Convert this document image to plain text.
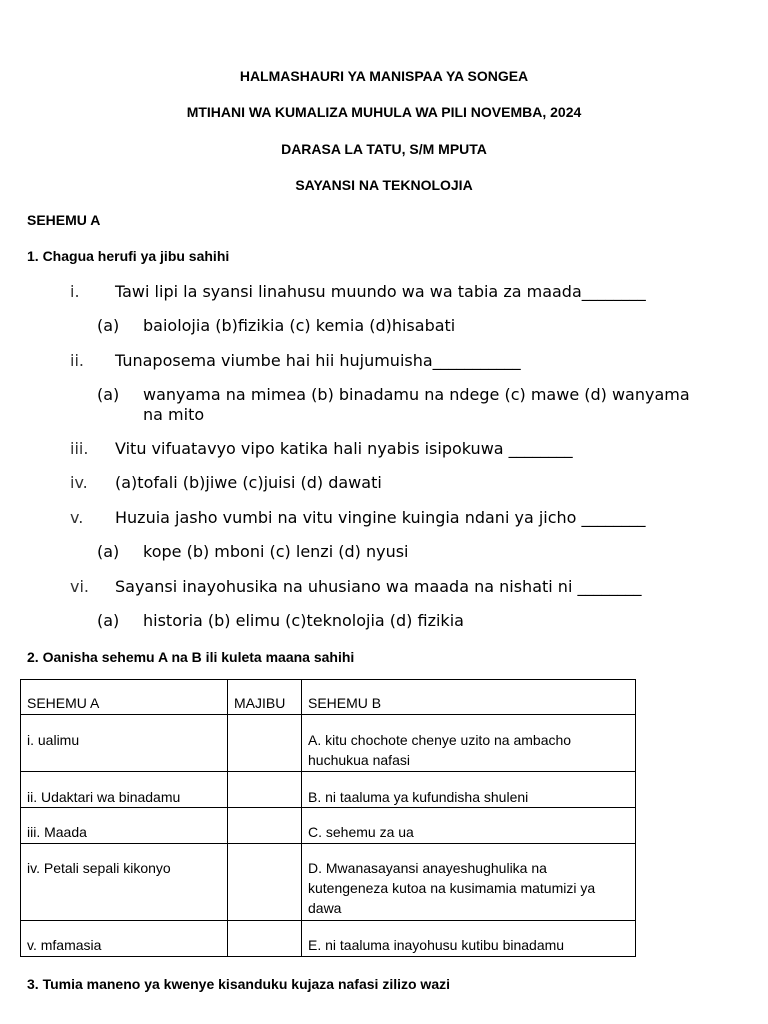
HALMASHAURI YA MANISPAA YA SONGEA
MTIHANI WA KUMALIZA MUHULA WA PILI NOVEMBA, 2024
DARASA LA TATU, S/M MPUTA
SAYANSI NA TEKNOLOJIA
SEHEMU A
1. Chagua herufi ya jibu sahihi
i. Tawi lipi la syansi linahusu muundo wa wa tabia za maada________
(a) baiolojia (b)fizikia (c) kemia (d)hisabati
ii. Tunaposema viumbe hai hii hujumuisha___________
(a) wanyama na mimea (b) binadamu na ndege (c) mawe (d) wanyama na mito
iii. Vitu vifuatavyo vipo katika hali nyabis isipokuwa ________
iv. (a)tofali (b)jiwe (c)juisi (d) dawati
v. Huzuia jasho vumbi na vitu vingine kuingia ndani ya jicho ________
(a) kope (b) mboni (c) lenzi (d) nyusi
vi. Sayansi inayohusika na uhusiano wa maada na nishati ni ________
(a) historia (b) elimu (c)teknolojia (d) fizikia
2. Oanisha sehemu A na B ili kuleta maana sahihi
SEHEMU A	MAJIBU	SEHEMU B
i. ualimu		A. kitu chochote chenye uzito na ambacho huchukua nafasi
ii. Udaktari wa binadamu		B. ni taaluma ya kufundisha shuleni
iii. Maada		C. sehemu za ua
iv. Petali sepali kikonyo		D. Mwanasayansi anayeshughulika na kutengeneza kutoa na kusimamia matumizi ya dawa
v. mfamasia		E. ni taaluma inayohusu kutibu binadamu
3. Tumia maneno ya kwenye kisanduku kujaza nafasi zilizo wazi
